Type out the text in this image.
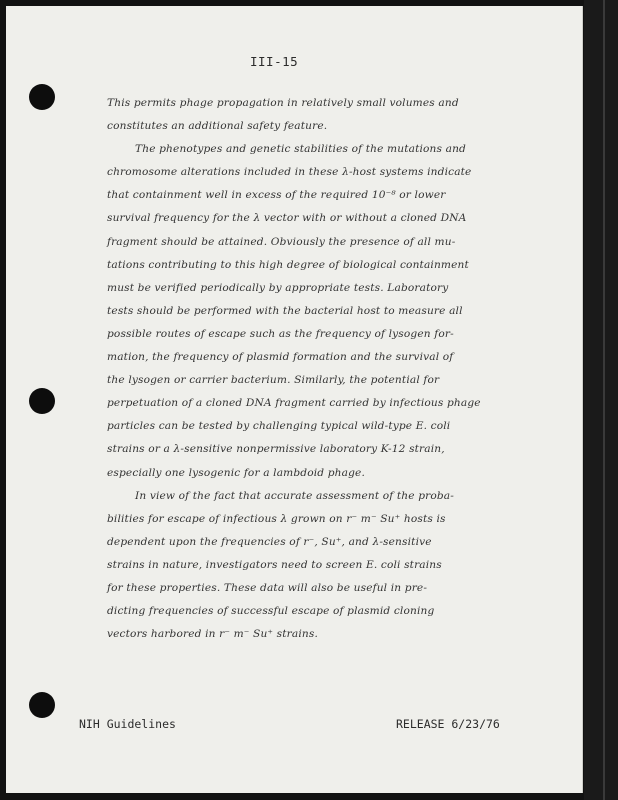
III-15
This permits phage propagation in relatively small volumes and
constitutes an additional safety feature.
The phenotypes and genetic stabilities of the mutations and
chromosome alterations included in these λ-host systems indicate
that containment well in excess of the required 10⁻⁸ or lower
survival frequency for the λ vector with or without a cloned DNA
fragment should be attained. Obviously the presence of all mu-
tations contributing to this high degree of biological containment
must be verified periodically by appropriate tests. Laboratory
tests should be performed with the bacterial host to measure all
possible routes of escape such as the frequency of lysogen for-
mation, the frequency of plasmid formation and the survival of
the lysogen or carrier bacterium. Similarly, the potential for
perpetuation of a cloned DNA fragment carried by infectious phage
particles can be tested by challenging typical wild-type E. coli
strains or a λ-sensitive nonpermissive laboratory K-12 strain,
especially one lysogenic for a lambdoid phage.
In view of the fact that accurate assessment of the proba-
bilities for escape of infectious λ grown on r⁻ m⁻ Su⁺ hosts is
dependent upon the frequencies of r⁻, Su⁺, and λ-sensitive
strains in nature, investigators need to screen E. coli strains
for these properties. These data will also be useful in pre-
dicting frequencies of successful escape of plasmid cloning
vectors harbored in r⁻ m⁻ Su⁺ strains.
NIH Guidelines	RELEASE 6/23/76
